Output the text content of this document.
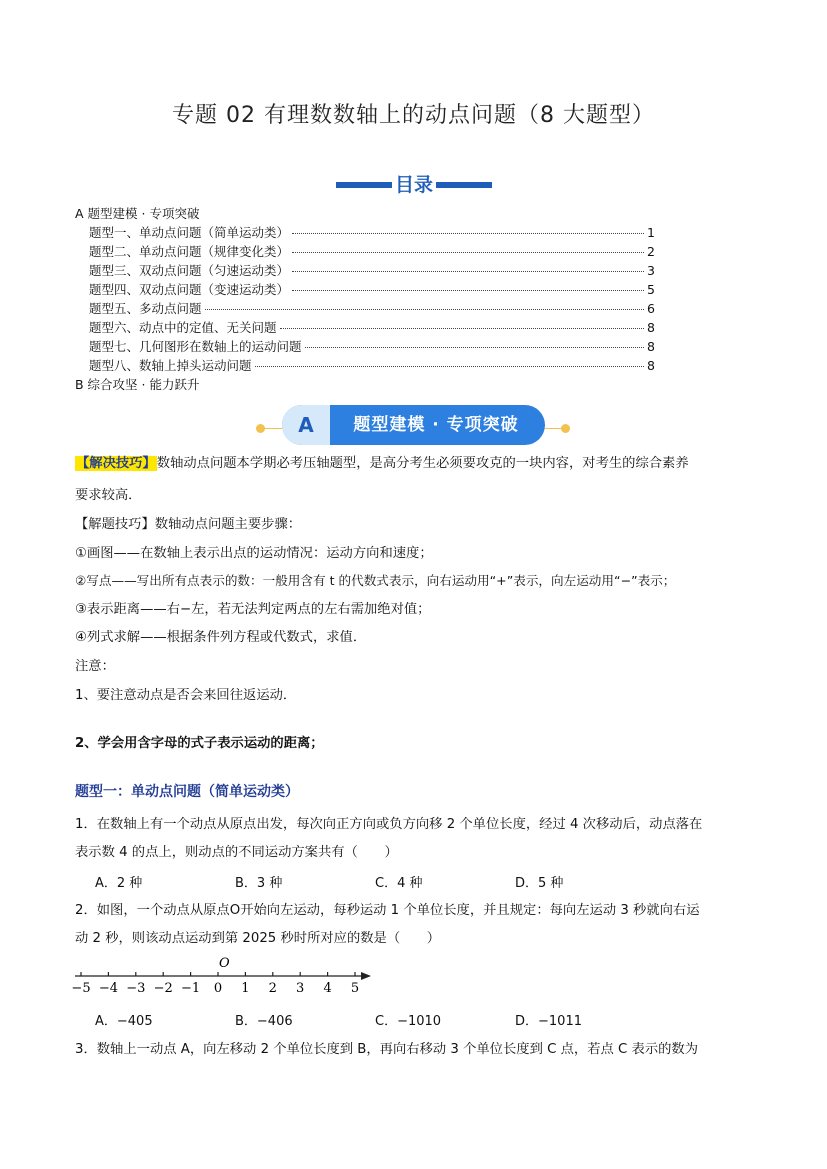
专题 02 有理数数轴上的动点问题（8 大题型）
目录
A 题型建模 · 专项突破
题型一、单动点问题（简单运动类）	1
题型二、单动点问题（规律变化类）	2
题型三、双动点问题（匀速运动类）	3
题型四、双动点问题（变速运动类）	5
题型五、多动点问题	6
题型六、动点中的定值、无关问题	8
题型七、几何图形在数轴上的运动问题	8
题型八、数轴上掉头运动问题	8
B 综合攻坚 · 能力跃升
A	题型建模 · 专项突破
【解决技巧】数轴动点问题本学期必考压轴题型，是高分考生必须要攻克的一块内容，对考生的综合素养
要求较高．
【解题技巧】数轴动点问题主要步骤：
①画图——在数轴上表示出点的运动情况：运动方向和速度；
②写点——写出所有点表示的数：一般用含有 t 的代数式表示，向右运动用“+”表示，向左运动用“−”表示；
③表示距离——右−左，若无法判定两点的左右需加绝对值；
④列式求解——根据条件列方程或代数式，求值．
注意：
1、要注意动点是否会来回往返运动．
2、学会用含字母的式子表示运动的距离；
题型一：单动点问题（简单运动类）
1．在数轴上有一个动点从原点出发，每次向正方向或负方向移 2 个单位长度，经过 4 次移动后，动点落在
表示数 4 的点上，则动点的不同运动方案共有（　　）
A．2 种	B．3 种	C．4 种	D．5 种
2．如图，一个动点从原点O开始向左运动，每秒运动 1 个单位长度，并且规定：每向左运动 3 秒就向右运
动 2 秒，则该动点运动到第 2025 秒时所对应的数是（　　）
A．−405	B．−406	C．−1010	D．−1011
3．数轴上一动点 A，向左移动 2 个单位长度到 B，再向右移动 3 个单位长度到 C 点，若点 C 表示的数为
O
−5 −4 −3 −2 −1 0 1 2 3 4 5
